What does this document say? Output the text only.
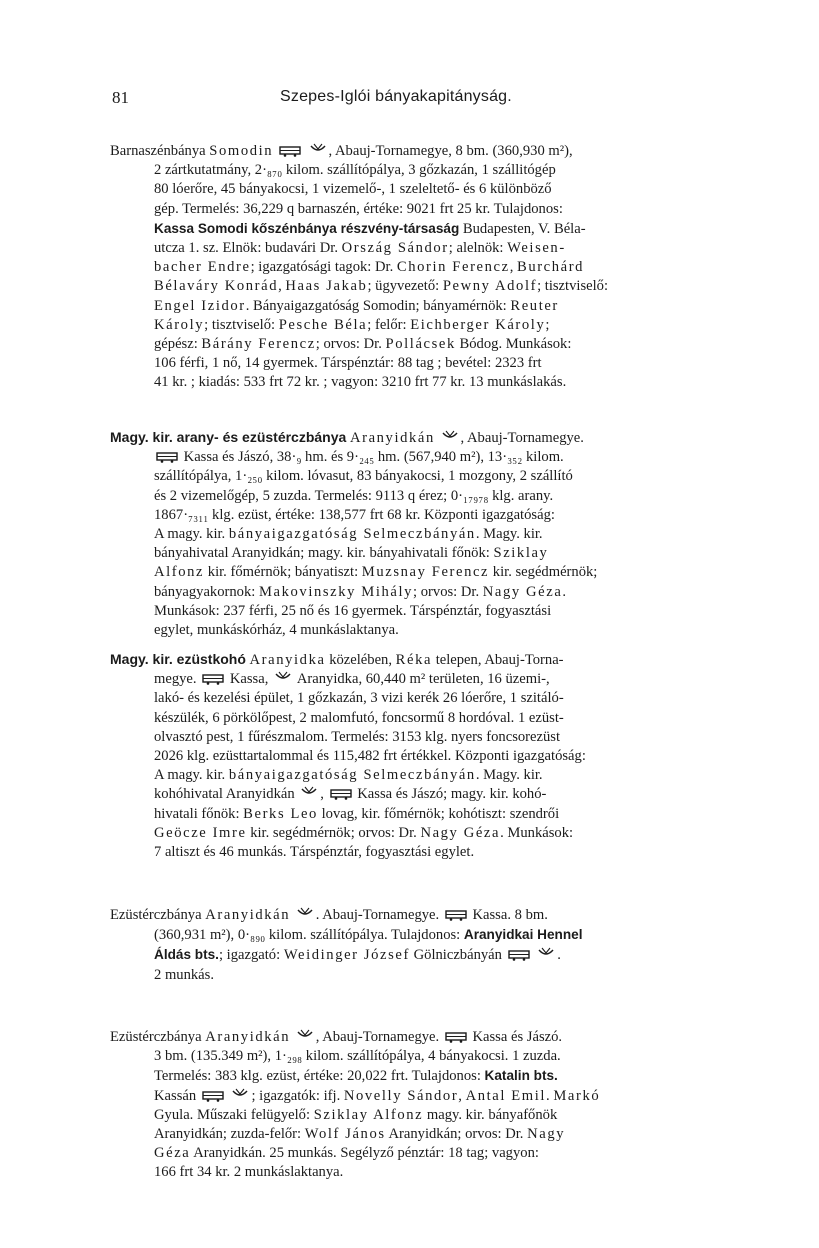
81	Szepes-Iglói bányakapitányság.
Barnaszénbánya Somodin
	, Abauj-Tornamegye, 8 bm. (360,930 m²),
2 zártkutatmány, 2·₈₇₀ kilom. szállítópálya, 3 gőzkazán, 1 szállitógép
80 lóerőre, 45 bányakocsi, 1 vizemelő-, 1 szeleltető- és 6 különböző
gép. Termelés: 36,229 q barnaszén, értéke: 9021 frt 25 kr. Tulajdonos:
Kassa Somodi kőszénbánya részvény-társaság Budapesten, V. Béla-
utcza 1. sz. Elnök: budavári Dr. Ország Sándor; alelnök: Weisen-
bacher Endre; igazgatósági tagok: Dr. Chorin Ferencz, Burchárd
Bélaváry Konrád, Haas Jakab; ügyvezető: Pewny Adolf; tisztviselő:
Engel Izidor. Bányaigazgatóság Somodin; bányamérnök: Reuter
Károly; tisztviselő: Pesche Béla; felőr: Eichberger Károly;
gépész: Bárány Ferencz; orvos: Dr. Pollácsek Bódog. Munkások:
106 férfi, 1 nő, 14 gyermek. Társpénztár: 88 tag ; bevétel: 2323 frt
41 kr. ; kiadás: 533 frt 72 kr. ; vagyon: 3210 frt 77 kr. 13 munkáslakás.
Magy. kir. arany- és ezüstérczbánya Aranyidkán , Abauj-Tornamegye.
Kassa és Jászó, 38·₉ hm. és 9·₂₄₅ hm. (567,940 m²), 13·₃₅₂ kilom.
szállítópálya, 1·₂₅₀ kilom. lóvasut, 83 bányakocsi, 1 mozgony, 2 szállító
és 2 vizemelőgép, 5 zuzda. Termelés: 9113 q érez; 0·₁₇₉₇₈ klg. arany.
1867·₇₃₁₁ klg. ezüst, értéke: 138,577 frt 68 kr. Központi igazgatóság:
A magy. kir. bányaigazgatóság Selmeczbányán. Magy. kir.
bányahivatal Aranyidkán; magy. kir. bányahivatali főnök: Sziklay
Alfonz kir. főmérnök; bányatiszt: Muzsnay Ferencz kir. segédmérnök;
bányagyakornok: Makovinszky Mihály; orvos: Dr. Nagy Géza.
Munkások: 237 férfi, 25 nő és 16 gyermek. Társpénztár, fogyasztási
egylet, munkáskórház, 4 munkáslaktanya.
Magy. kir. ezüstkohó Aranyidka közelében, Réka telepen, Abauj-Torna-
megye.
Kassa,
Aranyidka, 60,440 m² területen, 16 üzemi-,
lakó- és kezelési épület, 1 gőzkazán, 3 vizi kerék 26 lóerőre, 1 szitáló-
készülék, 6 pörkölőpest, 2 malomfutó, foncsormű 8 hordóval. 1 ezüst-
olvasztó pest, 1 fűrészmalom. Termelés: 3153 klg. nyers foncsorezüst
2026 klg. ezüsttartalommal és 115,482 frt értékkel. Központi igazgatóság:
A magy. kir. bányaigazgatóság Selmeczbányán. Magy. kir.
kohóhivatal Aranyidkán
,
Kassa és Jászó; magy. kir. kohó-
hivatali főnök: Berks Leo lovag, kir. főmérnök; kohótiszt: szendrői
Geöcze Imre kir. segédmérnök; orvos: Dr. Nagy Géza. Munkások:
7 altiszt és 46 munkás. Társpénztár, fogyasztási egylet.
Ezüstérczbánya Aranyidkán . Abauj-Tornamegye.
Kassa. 8 bm.
(360,931 m²), 0·₈₉₀ kilom. szállítópálya. Tulajdonos: Aranyidkai Hennel
Áldás bts.; igazgató: Weidinger József Gölniczbányán
	.
2 munkás.
Ezüstérczbánya Aranyidkán , Abauj-Tornamegye.
Kassa és Jászó.
3 bm. (135.349 m²), 1·₂₉₈ kilom. szállítópálya, 4 bányakocsi. 1 zuzda.
Termelés: 383 klg. ezüst, értéke: 20,022 frt. Tulajdonos: Katalin bts.
Kassán
	; igazgatók: ifj. Novelly Sándor, Antal Emil. Markó
Gyula. Műszaki felügyelő: Sziklay Alfonz magy. kir. bányafőnök
Aranyidkán; zuzda-felőr: Wolf János Aranyidkán; orvos: Dr. Nagy
Géza Aranyidkán. 25 munkás. Segélyző pénztár: 18 tag; vagyon:
166 frt 34 kr. 2 munkáslaktanya.
